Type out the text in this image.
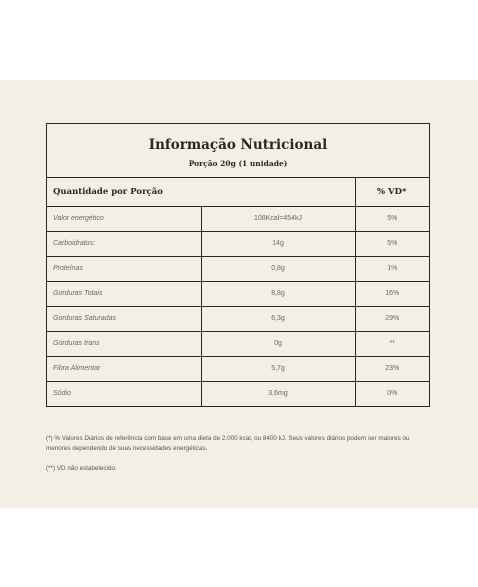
Informação Nutricional
Porção 20g (1 unidade)
Quantidade por Porção		% VD*
Valor energético	108Kcal=454kJ	5%
Carboidratos:	14g	5%
Proteínas	0,8g	1%
Gorduras Totais	8,8g	16%
Gorduras Saturadas	6,3g	29%
Gorduras trans	0g	**
Fibra Alimentar	5,7g	23%
Sódio	3,6mg	0%

(*) % Valores Diários de referência com base em uma dieta de 2.000 kcal, ou 8400 kJ. Seus valores diários podem ser maiores ou menores dependendo de suas necessidades energéticas.

(**) VD não estabelecido.
